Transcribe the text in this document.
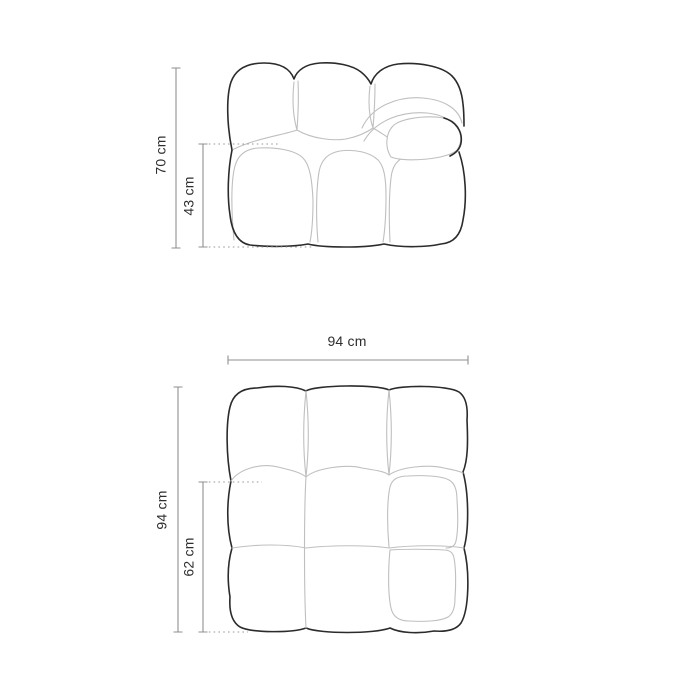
70 cm
43 cm
94 cm
94 cm
62 cm
